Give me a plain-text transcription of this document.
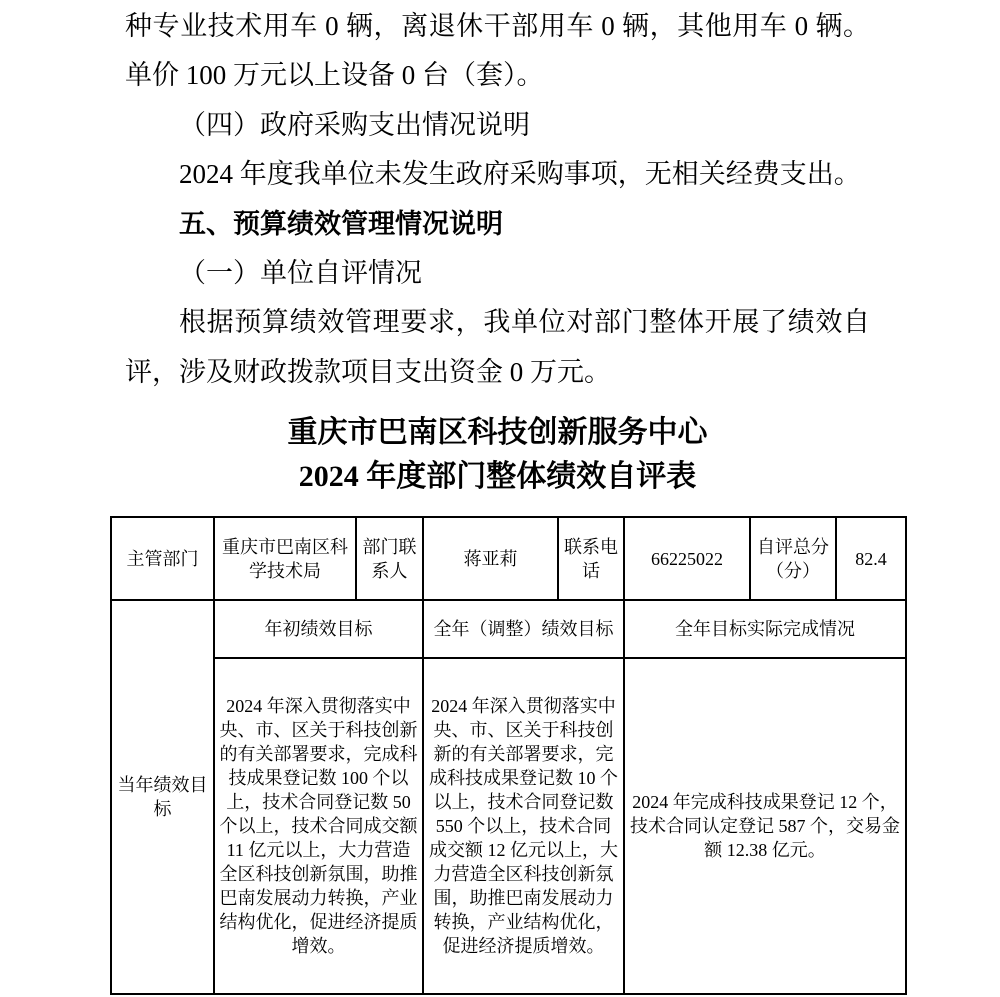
种专业技术用车 0 辆，离退休干部用车 0 辆，其他用车 0 辆。

单价 100 万元以上设备 0 台（套）。

（四）政府采购支出情况说明

2024 年度我单位未发生政府采购事项，无相关经费支出。

五、预算绩效管理情况说明

（一）单位自评情况

根据预算绩效管理要求，我单位对部门整体开展了绩效自

评，涉及财政拨款项目支出资金 0 万元。

重庆市巴南区科技创新服务中心
2024 年度部门整体绩效自评表
主管部门	重庆市巴南区科学技术局	部门联系人	蒋亚莉	联系电话	66225022	自评总分（分）	82.4
当年绩效目标	年初绩效目标		全年（调整）绩效目标		全年目标实际完成情况		
	2024 年深入贯彻落实中央、市、区关于科技创新的有关部署要求，完成科技成果登记数 100 个以上，技术合同登记数 50 个以上，技术合同成交额 11 亿元以上，大力营造全区科技创新氛围，助推巴南发展动力转换，产业结构优化，促进经济提质增效。		2024 年深入贯彻落实中央、市、区关于科技创新的有关部署要求，完成科技成果登记数 10 个以上，技术合同登记数 550 个以上，技术合同成交额 12 亿元以上，大力营造全区科技创新氛围，助推巴南发展动力转换，产业结构优化，促进经济提质增效。		2024 年完成科技成果登记 12 个，技术合同认定登记 587 个，交易金额 12.38 亿元。		
